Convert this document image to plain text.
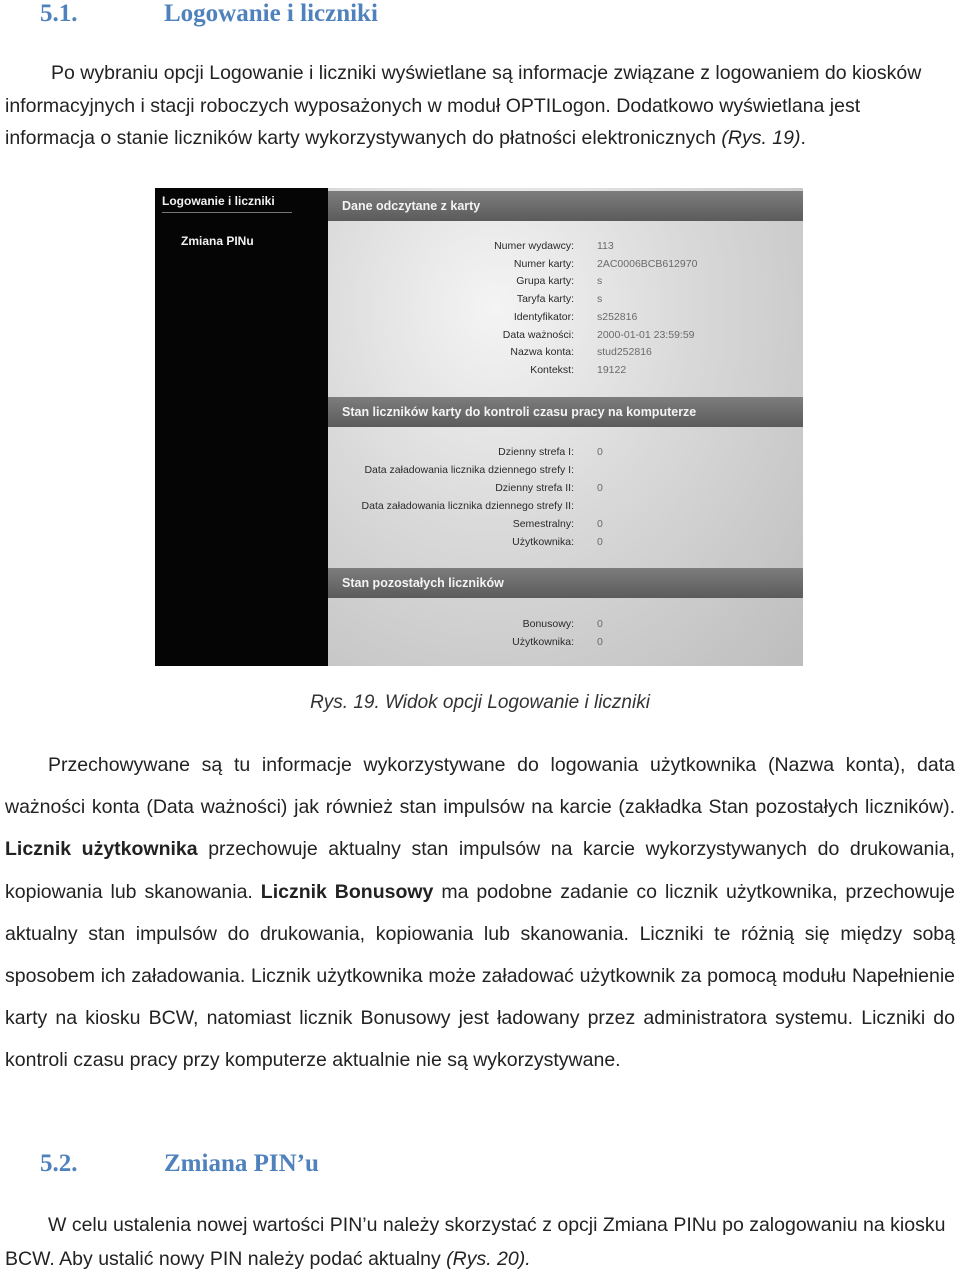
5.1.	Logowanie i liczniki
Po wybraniu opcji Logowanie i liczniki wyświetlane są informacje związane z logowaniem do kiosków informacyjnych i stacji roboczych wyposażonych w moduł OPTILogon. Dodatkowo wyświetlana jest informacja o stanie liczników karty wykorzystywanych do płatności elektronicznych (Rys. 19).
Logowanie i liczniki
Zmiana PINu
Dane odczytane z karty
Numer wydawcy: 113
Numer karty: 2AC0006BCB612970
Grupa karty: s
Taryfa karty: s
Identyfikator: s252816
Data ważności: 2000-01-01 23:59:59
Nazwa konta: stud252816
Kontekst: 19122
Stan liczników karty do kontroli czasu pracy na komputerze
Dzienny strefa I: 0
Data załadowania licznika dziennego strefy I:
Dzienny strefa II: 0
Data załadowania licznika dziennego strefy II:
Semestralny: 0
Użytkownika: 0
Stan pozostałych liczników
Bonusowy: 0
Użytkownika: 0
Rys. 19. Widok opcji Logowanie i liczniki
Przechowywane są tu informacje wykorzystywane do logowania użytkownika (Nazwa konta), data ważności konta (Data ważności) jak również stan impulsów na karcie (zakładka Stan pozostałych liczników). Licznik użytkownika przechowuje aktualny stan impulsów na karcie wykorzystywanych do drukowania, kopiowania lub skanowania. Licznik Bonusowy ma podobne zadanie co licznik użytkownika, przechowuje aktualny stan impulsów do drukowania, kopiowania lub skanowania. Liczniki te różnią się między sobą sposobem ich załadowania. Licznik użytkownika może załadować użytkownik za pomocą modułu Napełnienie karty na kiosku BCW, natomiast licznik Bonusowy jest ładowany przez administratora systemu. Liczniki do kontroli czasu pracy przy komputerze aktualnie nie są wykorzystywane.
5.2.	Zmiana PIN’u
W celu ustalenia nowej wartości PIN’u należy skorzystać z opcji Zmiana PINu po zalogowaniu na kiosku BCW. Aby ustalić nowy PIN należy podać aktualny (Rys. 20).
